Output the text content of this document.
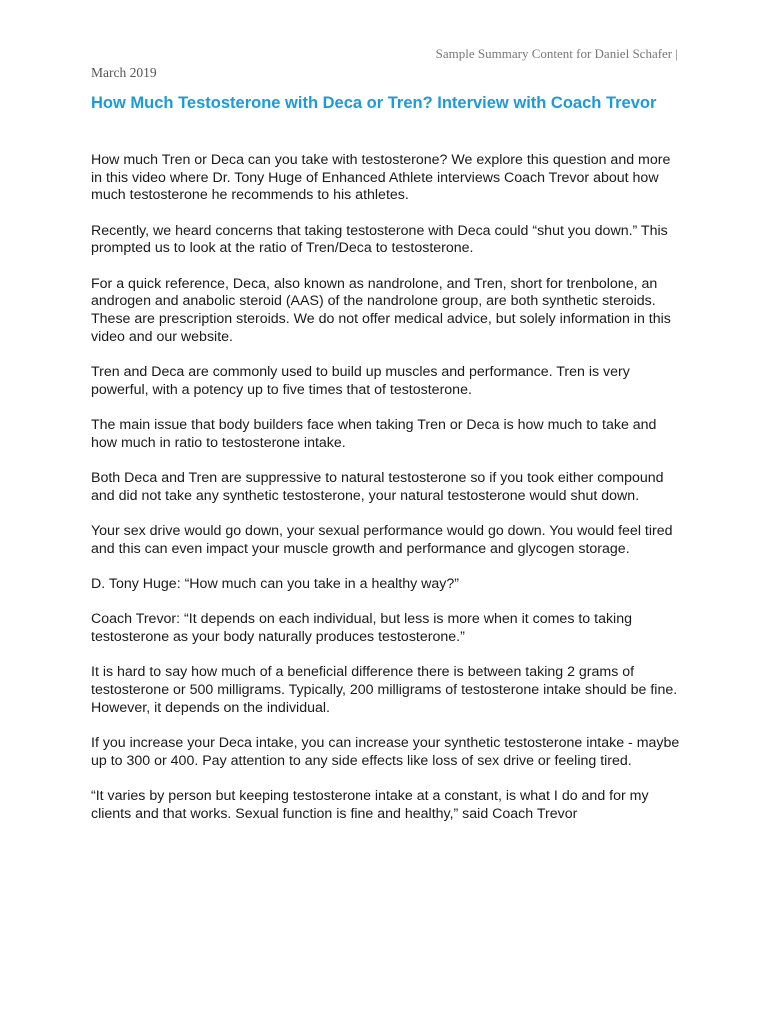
Sample Summary Content for Daniel Schafer |
March 2019
How Much Testosterone with Deca or Tren? Interview with Coach Trevor

How much Tren or Deca can you take with testosterone? We explore this question and more in this video where Dr. Tony Huge of Enhanced Athlete interviews Coach Trevor about how much testosterone he recommends to his athletes.

Recently, we heard concerns that taking testosterone with Deca could “shut you down.” This prompted us to look at the ratio of Tren/Deca to testosterone.

For a quick reference, Deca, also known as nandrolone, and Tren, short for trenbolone, an androgen and anabolic steroid (AAS) of the nandrolone group, are both synthetic steroids. These are prescription steroids. We do not offer medical advice, but solely information in this video and our website.

Tren and Deca are commonly used to build up muscles and performance. Tren is very powerful, with a potency up to five times that of testosterone.

The main issue that body builders face when taking Tren or Deca is how much to take and how much in ratio to testosterone intake.

Both Deca and Tren are suppressive to natural testosterone so if you took either compound and did not take any synthetic testosterone, your natural testosterone would shut down.

Your sex drive would go down, your sexual performance would go down. You would feel tired and this can even impact your muscle growth and performance and glycogen storage.

D. Tony Huge: “How much can you take in a healthy way?”

Coach Trevor: “It depends on each individual, but less is more when it comes to taking testosterone as your body naturally produces testosterone.”

It is hard to say how much of a beneficial difference there is between taking 2 grams of testosterone or 500 milligrams. Typically, 200 milligrams of testosterone intake should be fine. However, it depends on the individual.

If you increase your Deca intake, you can increase your synthetic testosterone intake - maybe up to 300 or 400. Pay attention to any side effects like loss of sex drive or feeling tired.

“It varies by person but keeping testosterone intake at a constant, is what I do and for my clients and that works. Sexual function is fine and healthy,” said Coach Trevor
